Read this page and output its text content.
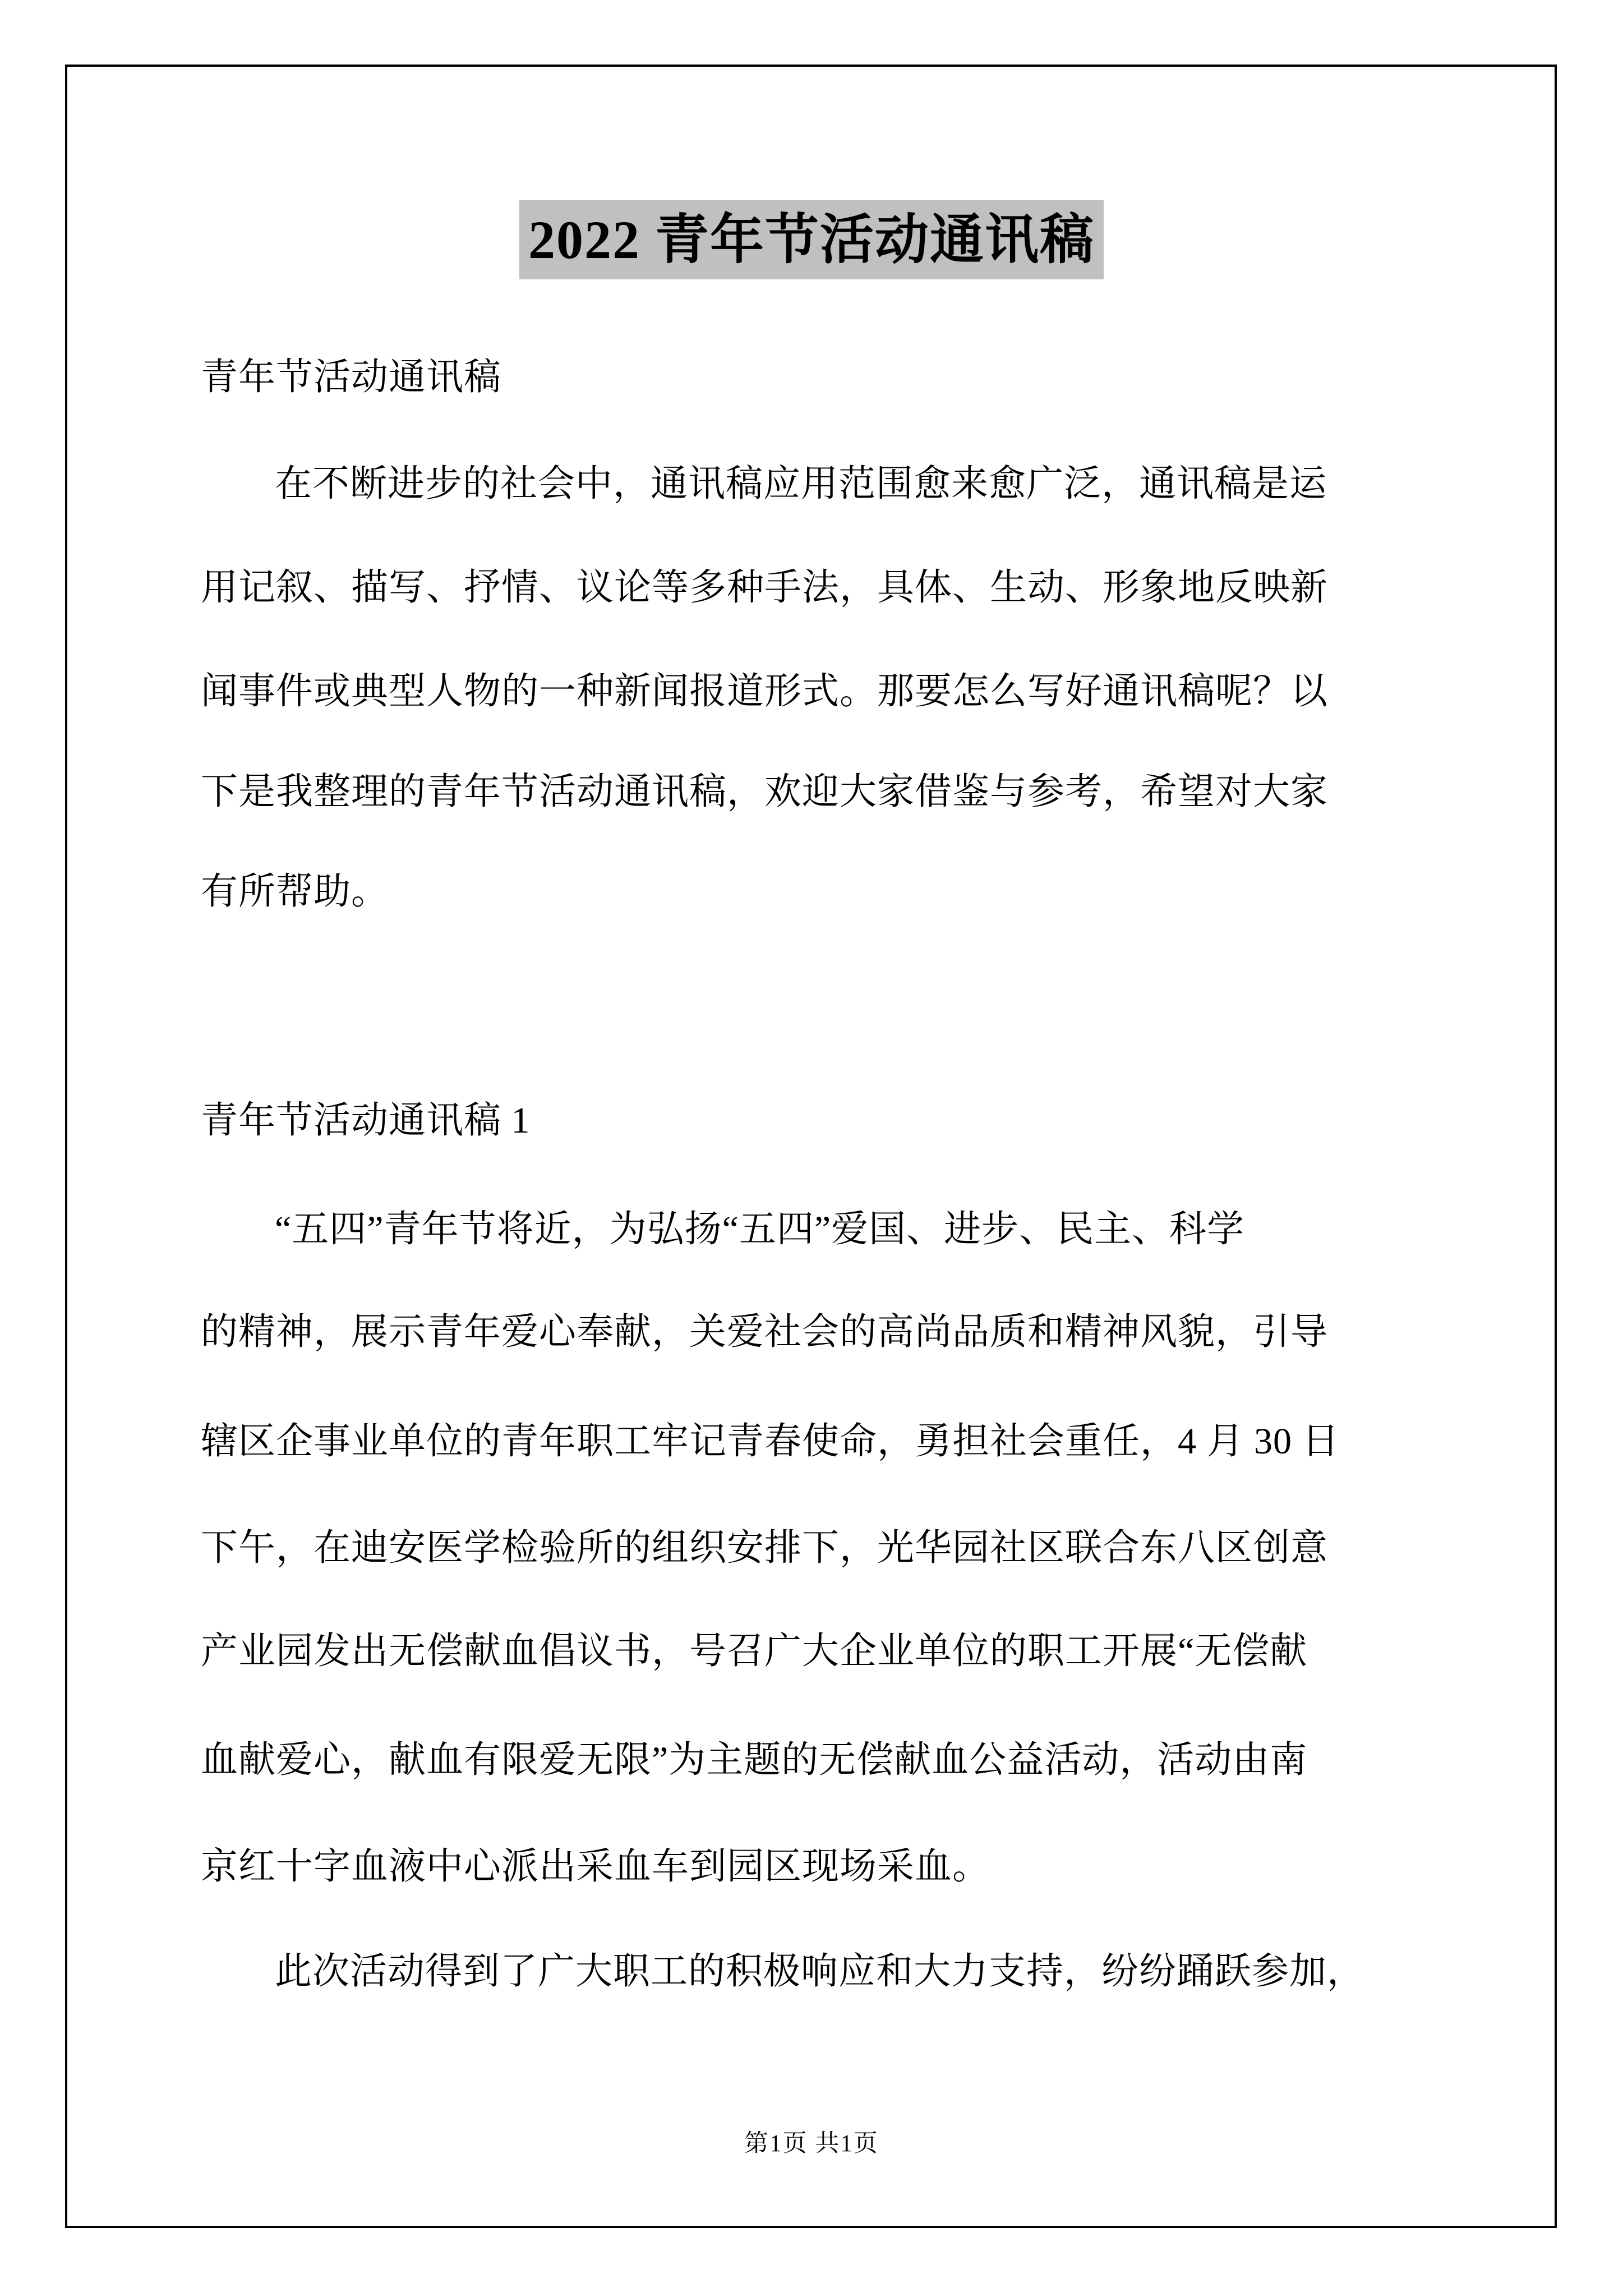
2022 青年节活动通讯稿
青年节活动通讯稿
在不断进步的社会中，通讯稿应用范围愈来愈广泛，通讯稿是运
用记叙、描写、抒情、议论等多种手法，具体、生动、形象地反映新
闻事件或典型人物的一种新闻报道形式。那要怎么写好通讯稿呢？以
下是我整理的青年节活动通讯稿，欢迎大家借鉴与参考，希望对大家
有所帮助。
青年节活动通讯稿 1
“五四”青年节将近，为弘扬“五四”爱国、进步、民主、科学
的精神，展示青年爱心奉献，关爱社会的高尚品质和精神风貌，引导
辖区企事业单位的青年职工牢记青春使命，勇担社会重任，4 月 30 日
下午，在迪安医学检验所的组织安排下，光华园社区联合东八区创意
产业园发出无偿献血倡议书，号召广大企业单位的职工开展“无偿献
血献爱心，献血有限爱无限”为主题的无偿献血公益活动，活动由南
京红十字血液中心派出采血车到园区现场采血。
此次活动得到了广大职工的积极响应和大力支持，纷纷踊跃参加，
第1页 共1页
